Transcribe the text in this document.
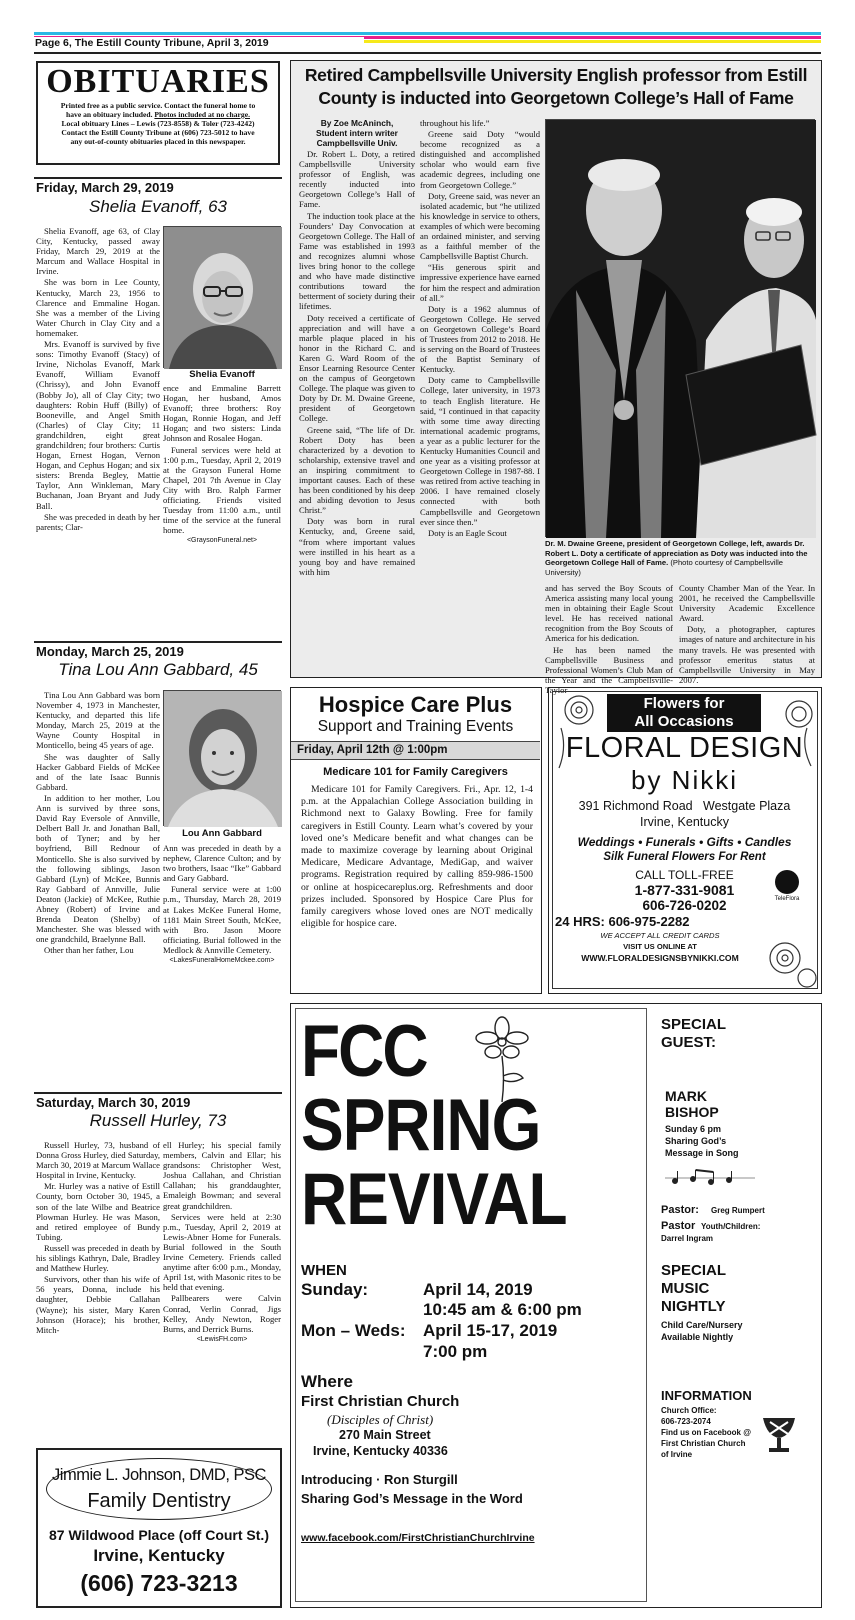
Page 6, The Estill County Tribune, April 3, 2019
OBITUARIES
Printed free as a public service. Contact the funeral home to
have an obituary included. Photos included at no charge.
Local obituary Lines – Lewis (723-8558) & Toler (723-4242)
Contact the Estill County Tribune at (606) 723-5012 to have
any out-of-county obituaries placed in this newspaper.
Friday, March 29, 2019
Shelia Evanoff, 63
Shelia Evanoff

Shelia Evanoff, age 63, of Clay City, Kentucky, passed away Friday, March 29, 2019 at the Marcum and Wallace Hospital in Irvine.

She was born in Lee County, Kentucky, March 23, 1956 to Clarence and Emmaline Hogan. She was a member of the Living Water Church in Clay City and a homemaker.

Mrs. Evanoff is survived by five sons: Timothy Evanoff (Stacy) of Irvine, Nicholas Evanoff, Mark Evanoff, William Evanoff (Chrissy), and John Evanoff (Bobby Jo), all of Clay City; two daughters: Robin Huff (Billy) of Booneville, and Angel Smith (Charles) of Clay City; 11 grandchildren, eight great grandchildren; four brothers: Curtis Hogan, Ernest Hogan, Vernon Hogan, and Cephus Hogan; and six sisters: Brenda Begley, Mattie Taylor, Ann Winkleman, Mary Buchanan, Joan Bryant and Judy Ball.

She was preceded in death by her parents; Clar-

ence and Emmaline Barrett Hogan, her husband, Amos Evanoff; three brothers: Roy Hogan, Ronnie Hogan, and Jeff Hogan; and two sisters: Linda Johnson and Rosalee Hogan.

Funeral services were held at 1:00 p.m., Tuesday, April 2, 2019 at the Grayson Funeral Home Chapel, 201 7th Avenue in Clay City with Bro. Ralph Farmer officiating. Friends visited Tuesday from 11:00 a.m., until time of the service at the funeral home.

<GraysonFuneral.net>
Monday, March 25, 2019
Tina Lou Ann Gabbard, 45
Lou Ann Gabbard

Tina Lou Ann Gabbard was born November 4, 1973 in Manchester, Kentucky, and departed this life Monday, March 25, 2019 at the Wayne County Hospital in Monticello, being 45 years of age.

She was daughter of Sally Hacker Gabbard Fields of McKee and of the late Isaac Bunnis Gabbard.

In addition to her mother, Lou Ann is survived by three sons, David Ray Eversole of Annville, Delbert Ball Jr. and Jonathan Ball, both of Tyner; and by her boyfriend, Bill Rednour of Monticello. She is also survived by the following siblings, Jason Gabbard (Lyn) of McKee, Bunnis Ray Gabbard of Annville, Julie Deaton (Jackie) of McKee, Ruthie Abney (Robert) of Irvine and Brenda Deaton (Shelby) of Manchester. She was blessed with one grandchild, Braelynne Ball.

Other than her father, Lou

Ann was preceded in death by a nephew, Clarence Culton; and by two brothers, Isaac “Ike” Gabbard and Gary Gabbard.

Funeral service were at 1:00 p.m., Thursday, March 28, 2019 at Lakes McKee Funeral Home, 1181 Main Street South, McKee, with Bro. Jason Moore officiating. Burial followed in the Medlock & Annville Cemetery.

<LakesFuneralHomeMckee.com>
Saturday, March 30, 2019
Russell Hurley, 73

Russell Hurley, 73, husband of Donna Gross Hurley, died Saturday, March 30, 2019 at Marcum Wallace Hospital in Irvine, Kentucky.

Mr. Hurley was a native of Estill County, born October 30, 1945, a son of the late Wilbe and Beatrice Plowman Hurley. He was Mason, and retired employee of Bundy Tubing.

Russell was preceded in death by his siblings Kathryn, Dale, Bradley and Matthew Hurley.

Survivors, other than his wife of 56 years, Donna, include his daughter, Debbie Callahan (Wayne); his sister, Mary Karen Johnson (Horace); his brother, Mitch-

ell Hurley; his special family members, Calvin and Ellar; his grandsons: Christopher West, Joshua Callahan, and Christian Callahan; his granddaughter, Emaleigh Bowman; and several great grandchildren.

Services were held at 2:30 p.m., Tuesday, April 2, 2019 at Lewis-Abner Home for Funerals. Burial followed in the South Irvine Cemetery. Friends called anytime after 6:00 p.m., Monday, April 1st, with Masonic rites to be held that evening.

Pallbearers were Calvin Conrad, Verlin Conrad, Jigs Kelley, Andy Newton, Roger Burns, and Derrick Burns.

<LewisFH.com>
Jimmie L. Johnson, DMD, PSC
Family Dentistry
87 Wildwood Place (off Court St.)
Irvine, Kentucky
(606) 723-3213
Retired Campbellsville University English professor from Estill County is inducted into Georgetown College’s Hall of Fame
By Zoe McAninch,
Student intern writer
Campbellsville Univ.

Dr. Robert L. Doty, a retired Campbellsville University professor of English, was recently inducted into Georgetown College’s Hall of Fame.

The induction took place at the Founders’ Day Convocation at Georgetown College. The Hall of Fame was established in 1993 and recognizes alumni whose lives bring honor to the college and who have made distinctive contributions toward the betterment of society during their lifetimes.

Doty received a certificate of appreciation and will have a marble plaque placed in his honor in the Richard C. and Karen G. Ward Room of the Ensor Learning Resource Center on the campus of Georgetown College. The plaque was given to Doty by Dr. M. Dwaine Greene, president of Georgetown College.

Greene said, “The life of Dr. Robert Doty has been characterized by a devotion to scholarship, extensive travel and an inspiring commitment to important causes. Each of these has been conditioned by his deep and abiding devotion to Jesus Christ.”

Doty was born in rural Kentucky, and, Greene said, “from where important values were instilled in his heart as a young boy and have remained with him

throughout his life.”

Greene said Doty “would become recognized as a distinguished and accomplished scholar who would earn five academic degrees, including one from Georgetown College.”

Doty, Greene said, was never an isolated academic, but “he utilized his knowledge in service to others, examples of which were becoming an ordained minister, and serving as a faithful member of the Campbellsville Baptist Church.

“His generous spirit and impressive experience have earned for him the respect and admiration of all.”

Doty is a 1962 alumnus of Georgetown College. He served on Georgetown College’s Board of Trustees from 2012 to 2018. He is serving on the Board of Trustees of the Baptist Seminary of Kentucky.

Doty came to Campbellsville College, later university, in 1973 to teach English literature. He said, “I continued in that capacity with some time away directing international academic programs, a year as a public lecturer for the Kentucky Humanities Council and one year as a visiting professor at Georgetown College in 1987-88. I was retired from active teaching in 2006. I have remained closely connected with both Campbellsville and Georgetown ever since then.”

Doty is an Eagle Scout

Dr. M. Dwaine Greene, president of Georgetown College, left, awards Dr. Robert L. Doty a certificate of appreciation as Doty was inducted into the Georgetown College Hall of Fame. (Photo courtesy of Campbellsville University)

and has served the Boy Scouts of America assisting many local young men in obtaining their Eagle Scout level. He has received national recognition from the Boy Scouts of America for his dedication.

He has been named the Campbellsville Business and Professional Women’s Club Man of the Year and the Campbellsville-Taylor

County Chamber Man of the Year. In 2001, he received the Campbellsville University Academic Excellence Award.

Doty, a photographer, captures images of nature and architecture in his many travels. He was presented with professor emeritus status at Campbellsville University in May 2007.

Hospice Care Plus
Support and Training Events
Friday, April 12th @ 1:00pm
Medicare 101 for Family Caregivers
Medicare 101 for Family Caregivers. Fri., Apr. 12, 1-4 p.m. at the Appalachian College Association building in Richmond next to Galaxy Bowling. Free for family caregivers in Estill County. Learn what’s covered by your loved one’s Medicare benefit and what changes can be made to maximize coverage by learning about Original Medicare, Medicare Advantage, MediGap, and waiver programs. Registration required by calling 859-986-1500 or online at hospicecareplus.org. Refreshments and door prizes included. Sponsored by Hospice Care Plus for family caregivers whose loved ones are NOT medically eligible for hospice care.
Flowers for
All Occasions
FLORAL DESIGN
by Nikki
391 Richmond Road   Westgate Plaza
Irvine, Kentucky
Weddings • Funerals • Gifts • Candles
Silk Funeral Flowers For Rent
CALL TOLL-FREE
1-877-331-9081
606-726-0202
24 HRS: 606-975-2282
WE ACCEPT ALL CREDIT CARDS
VISIT US ONLINE AT
WWW.FLORALDESIGNSBYNIKKI.COM
TeleFlora
FCC
SPRING
REVIVAL
WHEN
Sunday:	April 14, 2019
10:45 am & 6:00 pm
Mon – Weds: April 15-17, 2019
7:00 pm
Where
First Christian Church
(Disciples of Christ)
270 Main Street
Irvine, Kentucky 40336
Introducing · Ron Sturgill
Sharing God’s Message in the Word
www.facebook.com/FirstChristianChurchIrvine
SPECIAL
GUEST:
MARK
BISHOP
Sunday 6 pm
Sharing God’s
Message in Song
Pastor: Greg Rumpert
Pastor Youth/Children:
Darrel Ingram
SPECIAL
MUSIC
NIGHTLY
Child Care/Nursery
Available Nightly
INFORMATION
Church Office:
606-723-2074
Find us on Facebook @
First Christian Church
of Irvine
